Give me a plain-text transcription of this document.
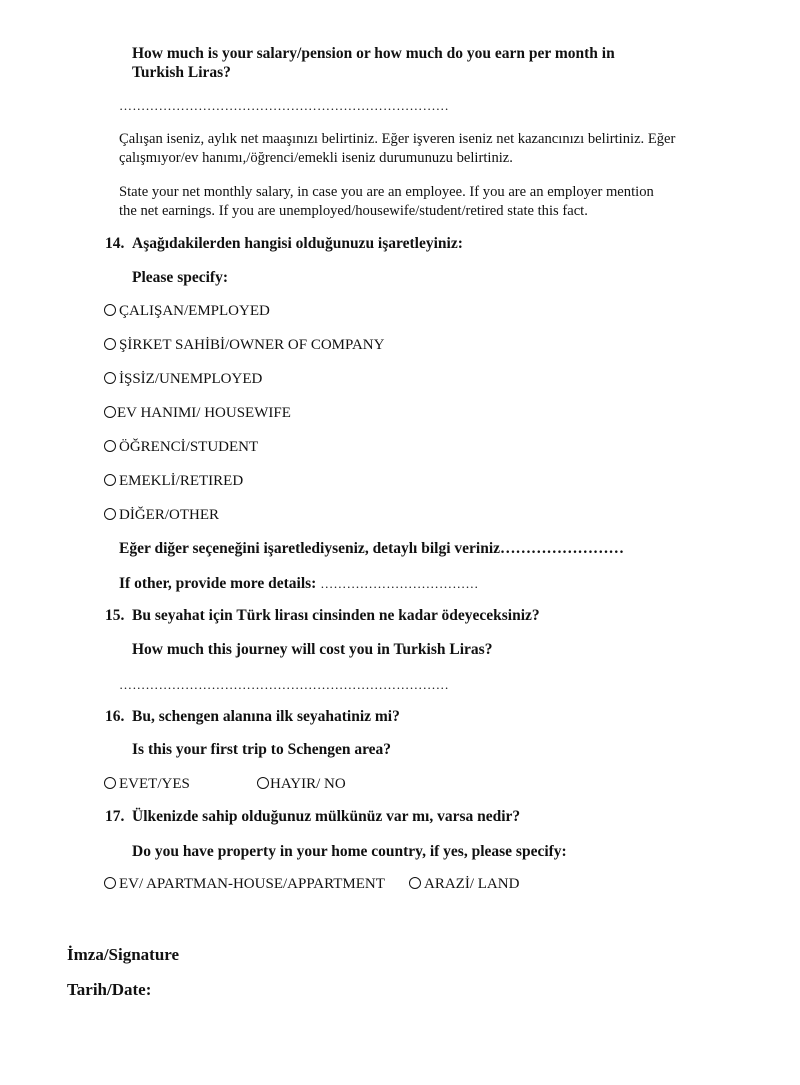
How much is your salary/pension or how much do you earn per month in
Turkish Liras?
…………………………………………………………………
Çalışan iseniz, aylık net maaşınızı belirtiniz. Eğer işveren iseniz net kazancınızı belirtiniz. Eğer
çalışmıyor/ev hanımı,/öğrenci/emekli iseniz durumunuzu belirtiniz.
State your net monthly salary, in case you are an employee. If you are an employer mention
the net earnings. If you are unemployed/housewife/student/retired state this fact.
14. Aşağıdakilerden hangisi olduğunuzu işaretleyiniz:
Please specify:
ÇALIŞAN/EMPLOYED
ŞİRKET SAHİBİ/OWNER OF COMPANY
İŞSİZ/UNEMPLOYED
EV HANIMI/ HOUSEWIFE
ÖĞRENCİ/STUDENT
EMEKLİ/RETIRED
DİĞER/OTHER
Eğer diğer seçeneğini işaretlediyseniz, detaylı bilgi veriniz……………………
If other, provide more details: ………………………………
15. Bu seyahat için Türk lirası cinsinden ne kadar ödeyeceksiniz?
How much this journey will cost you in Turkish Liras?
…………………………………………………………………
16. Bu, schengen alanına ilk seyahatiniz mi?
Is this your first trip to Schengen area?
EVET/YES	HAYIR/ NO
17. Ülkenizde sahip olduğunuz mülkünüz var mı, varsa nedir?
Do you have property in your home country, if yes, please specify:
EV/ APARTMAN-HOUSE/APPARTMENT	ARAZİ/ LAND
İmza/Signature
Tarih/Date:
